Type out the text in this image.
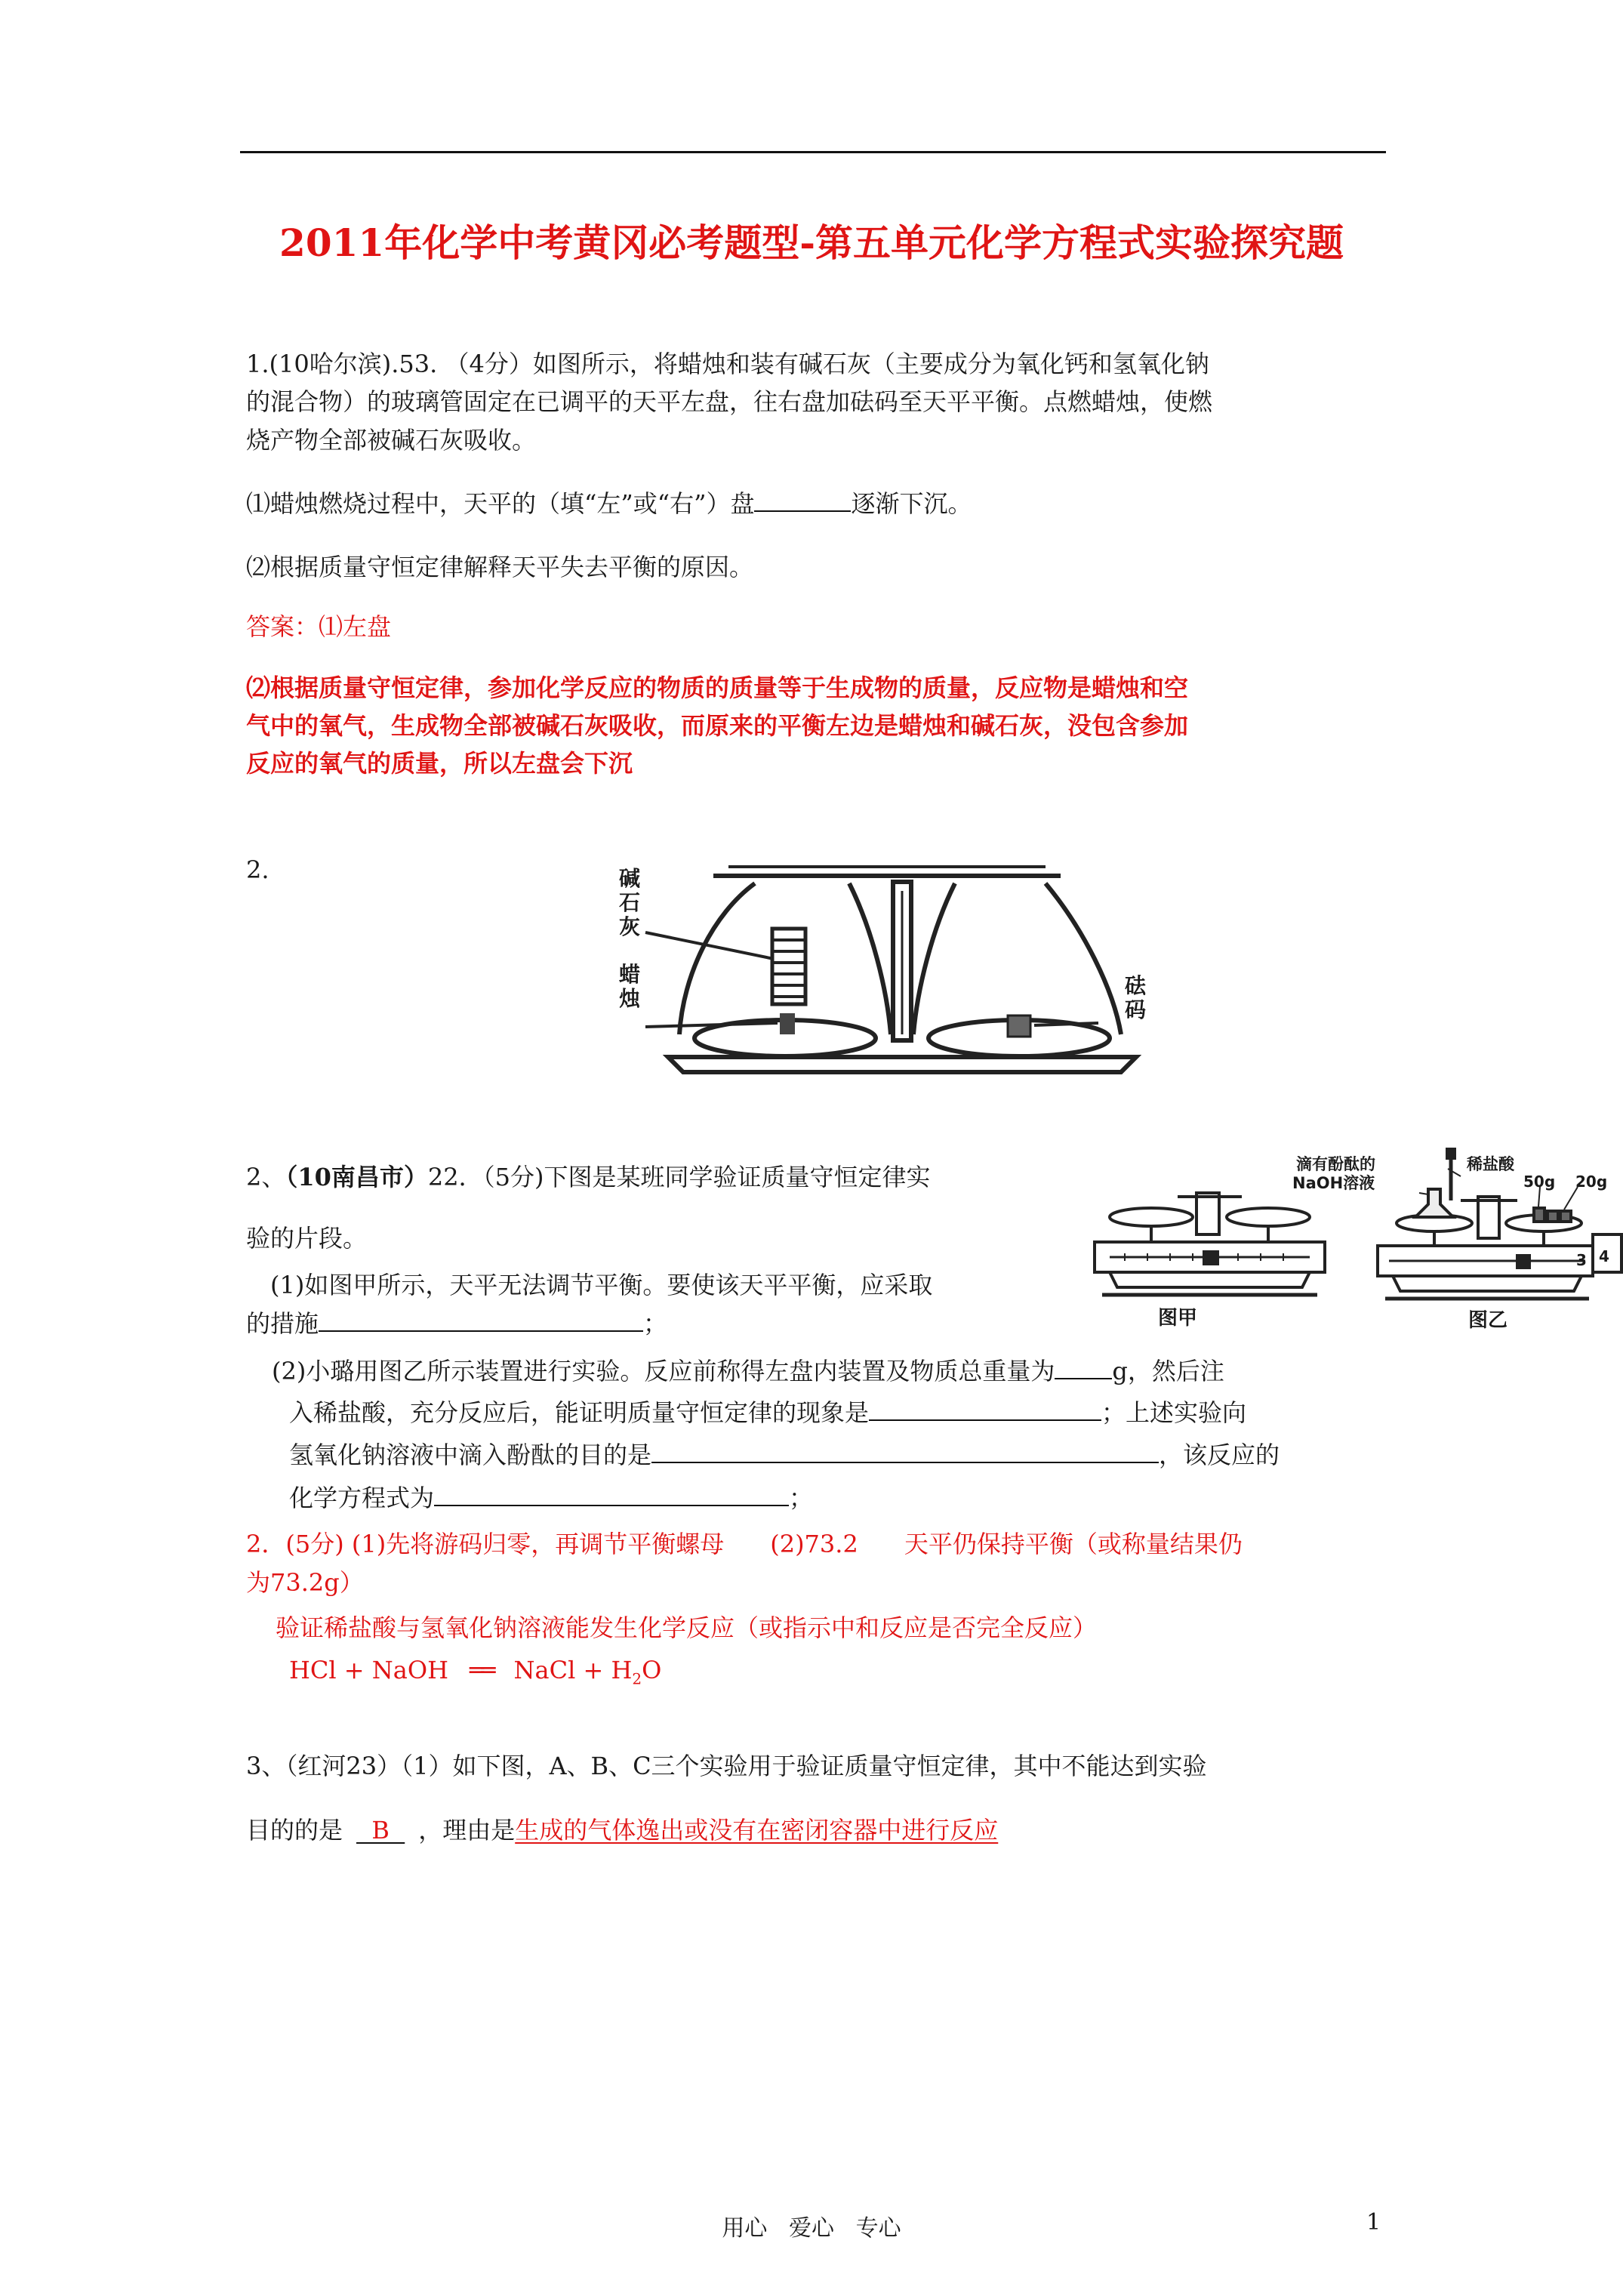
2011年化学中考黄冈必考题型-第五单元化学方程式实验探究题
1.(10哈尔滨).53. （4分）如图所示，将蜡烛和装有碱石灰（主要成分为氧化钙和氢氧化钠
的混合物）的玻璃管固定在已调平的天平左盘，往右盘加砝码至天平平衡。点燃蜡烛，使燃
烧产物全部被碱石灰吸收。
⑴蜡烛燃烧过程中，天平的（填“左”或“右”）盘	逐渐下沉。
⑵根据质量守恒定律解释天平失去平衡的原因。
答案：⑴左盘
⑵根据质量守恒定律，参加化学反应的物质的质量等于生成物的质量，反应物是蜡烛和空
气中的氧气，生成物全部被碱石灰吸收，而原来的平衡左边是蜡烛和碱石灰，没包含参加
反应的氧气的质量，所以左盘会下沉
2.	碱石灰
蜡烛
砝码
2、（10南昌市）22．（5分)下图是某班同学验证质量守恒定律实
验的片段。
(1)如图甲所示，天平无法调节平衡。要使该天平平衡，应采取
的措施	；
(2)小璐用图乙所示装置进行实验。反应前称得左盘内装置及物质总重量为 g，然后注
入稀盐酸，充分反应后，能证明质量守恒定律的现象是	；上述实验向
氢氧化钠溶液中滴入酚酞的目的是	，该反应的
化学方程式为	；
2．(5分) (1)先将游码归零，再调节平衡螺母      (2)73.2      天平仍保持平衡（或称量结果仍
为73.2g）
验证稀盐酸与氢氧化钠溶液能发生化学反应（或指示中和反应是否完全反应）
HCl + NaOH ══ NaCl + $H_2O$
滴有酚酞的
NaOH溶液
稀盐酸
50g 20g
3 4
图甲	图乙
3、（红河23）（1）如下图，A、B、C三个实验用于验证质量守恒定律，其中不能达到实验
目的的是  B  ，理由是生成的气体逸出或没有在密闭容器中进行反应
用心   爱心   专心	1
